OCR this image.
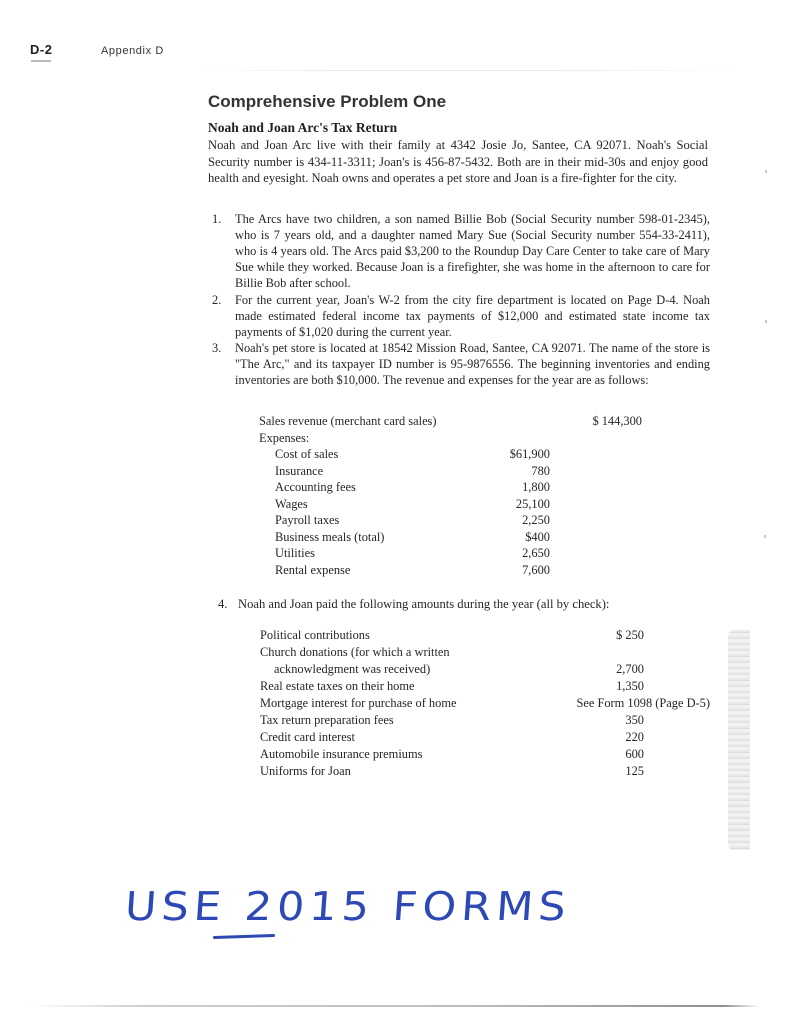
D-2	Appendix D
Comprehensive Problem One
Noah and Joan Arc's Tax Return
Noah and Joan Arc live with their family at 4342 Josie Jo, Santee, CA 92071. Noah's Social Security number is 434-11-3311; Joan's is 456-87-5432. Both are in their mid-30s and enjoy good health and eyesight. Noah owns and operates a pet store and Joan is a fire-fighter for the city.
1.	The Arcs have two children, a son named Billie Bob (Social Security number 598-01-2345), who is 7 years old, and a daughter named Mary Sue (Social Security number 554-33-2411), who is 4 years old. The Arcs paid $3,200 to the Roundup Day Care Center to take care of Mary Sue while they worked. Because Joan is a firefighter, she was home in the afternoon to care for Billie Bob after school.
2.	For the current year, Joan's W-2 from the city fire department is located on Page D-4. Noah made estimated federal income tax payments of $12,000 and estimated state income tax payments of $1,020 during the current year.
3.	Noah's pet store is located at 18542 Mission Road, Santee, CA 92071. The name of the store is "The Arc," and its taxpayer ID number is 95-9876556. The beginning inventories and ending inventories are both $10,000. The revenue and expenses for the year are as follows:
Sales revenue (merchant card sales)	$ 144,300
Expenses:
Cost of sales	$61,900
Insurance	780
Accounting fees	1,800
Wages	25,100
Payroll taxes	2,250
Business meals (total)	$400
Utilities	2,650
Rental expense	7,600
4. Noah and Joan paid the following amounts during the year (all by check):
Political contributions	$ 250
Church donations (for which a written
acknowledgment was received)	2,700
Real estate taxes on their home	1,350
Mortgage interest for purchase of home	See Form 1098 (Page D-5)
Tax return preparation fees	350
Credit card interest	220
Automobile insurance premiums	600
Uniforms for Joan	125
USE 2015 FORMS
